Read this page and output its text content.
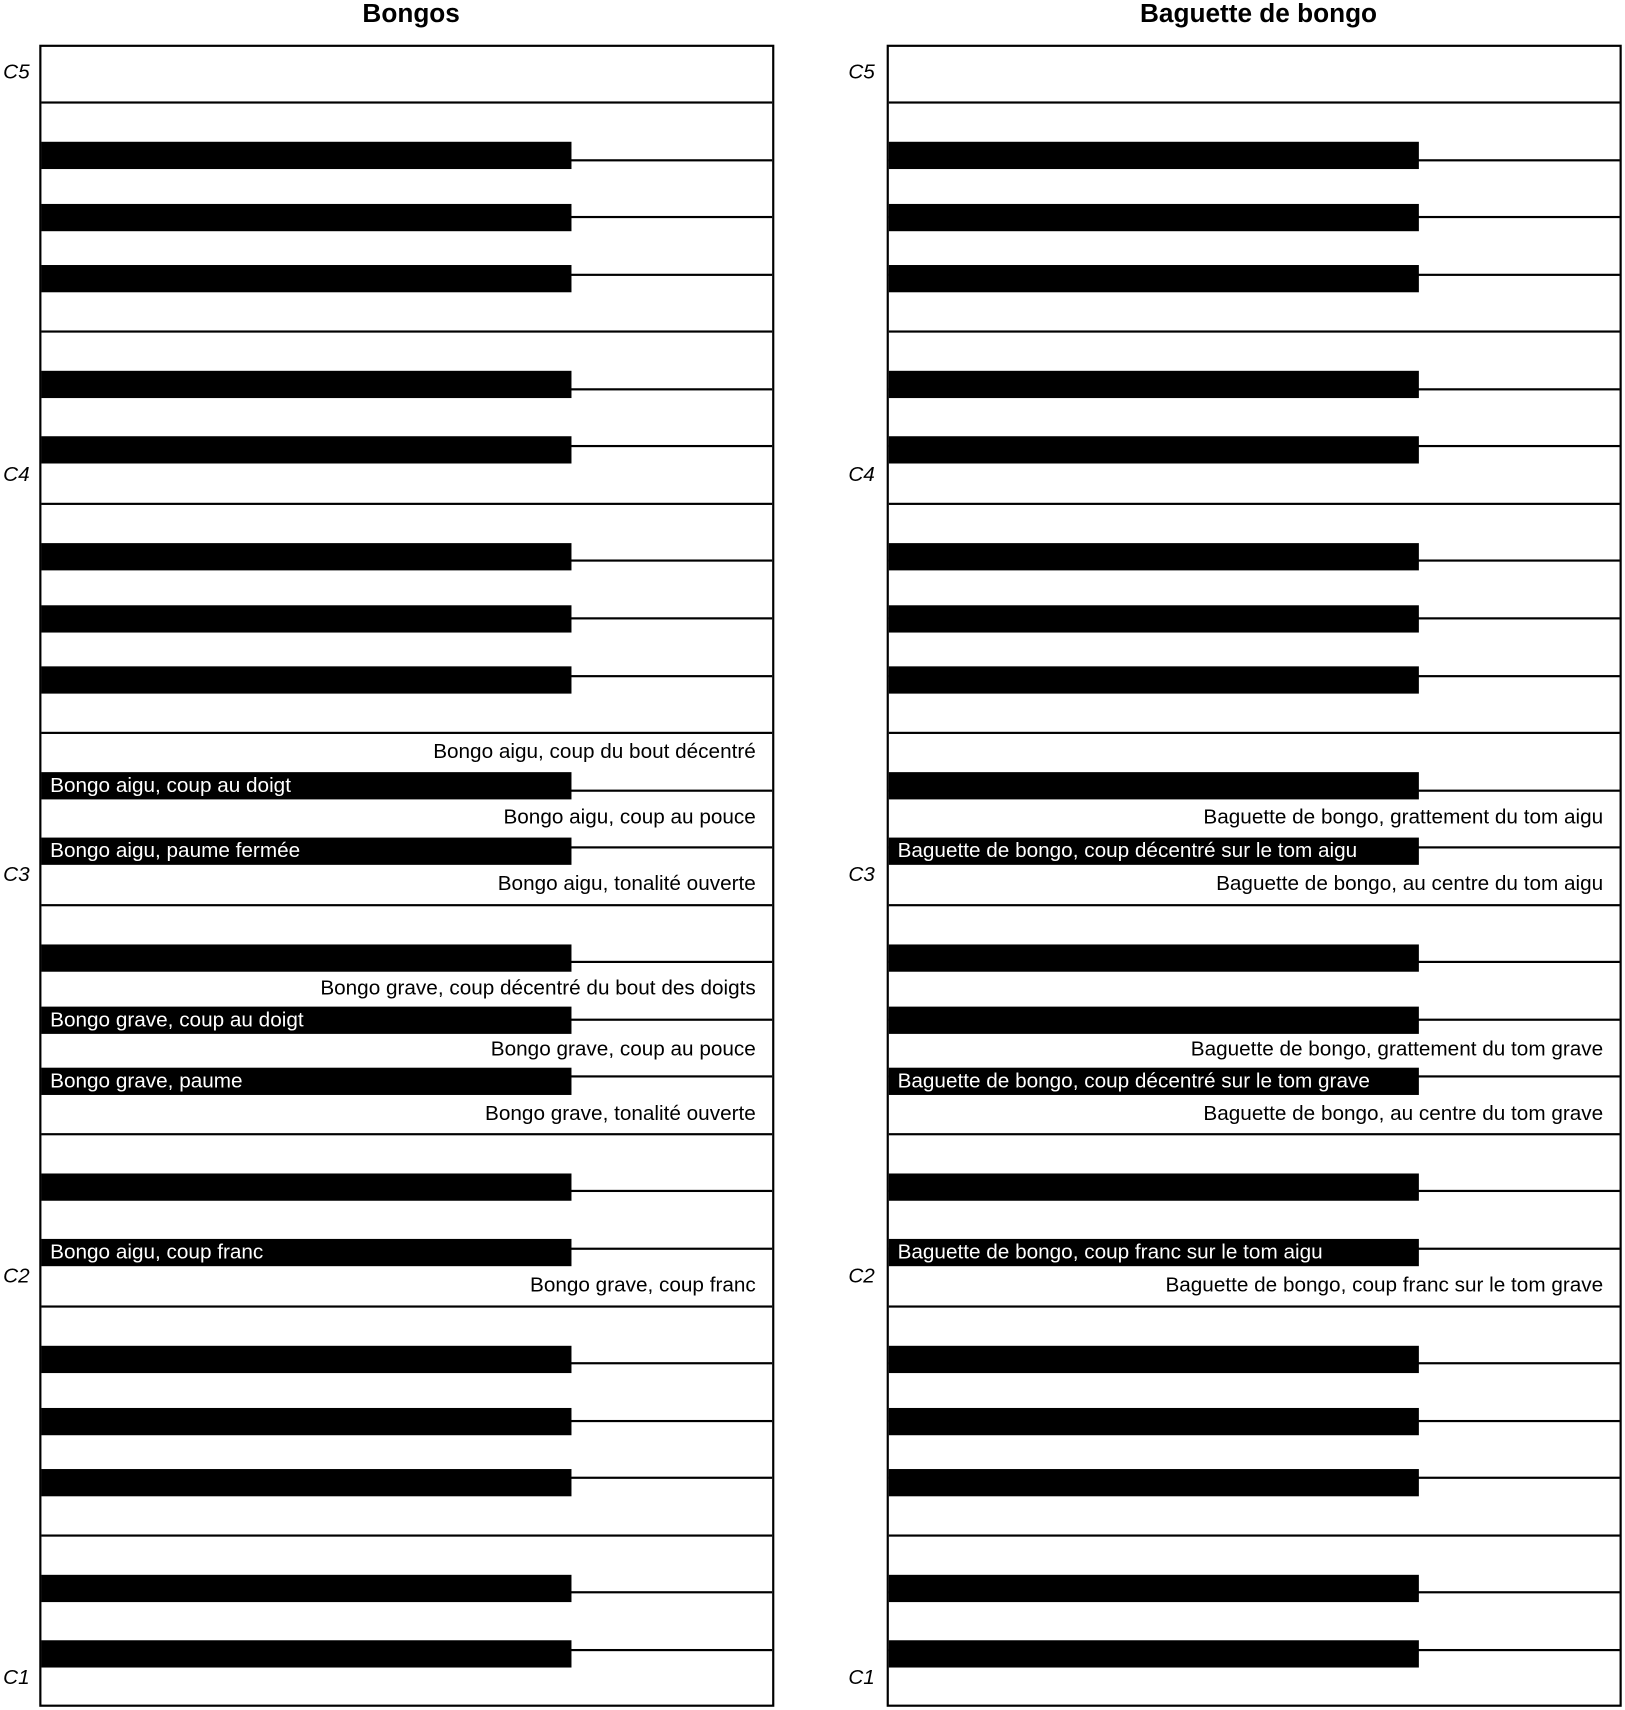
Bongos	Baguette de bongo
Bongo aigu, coup du bout décentré
Bongo aigu, coup au pouce
Bongo aigu, tonalité ouverte
Bongo grave, coup décentré du bout des doigts
Bongo grave, coup au pouce
Bongo grave, tonalité ouverte
Bongo grave, coup franc
Bongo aigu, coup au doigt
Bongo aigu, paume fermée
Bongo grave, coup au doigt
Bongo grave, paume
Bongo aigu, coup franc
Baguette de bongo, grattement du tom aigu
Baguette de bongo, au centre du tom aigu
Baguette de bongo, grattement du tom grave
Baguette de bongo, au centre du tom grave
Baguette de bongo, coup franc sur le tom grave
Baguette de bongo, coup décentré sur le tom aigu
Baguette de bongo, coup décentré sur le tom grave
Baguette de bongo, coup franc sur le tom aigu
C5	C5
C4	C4
C3	C3
C2	C2
C1	C1
